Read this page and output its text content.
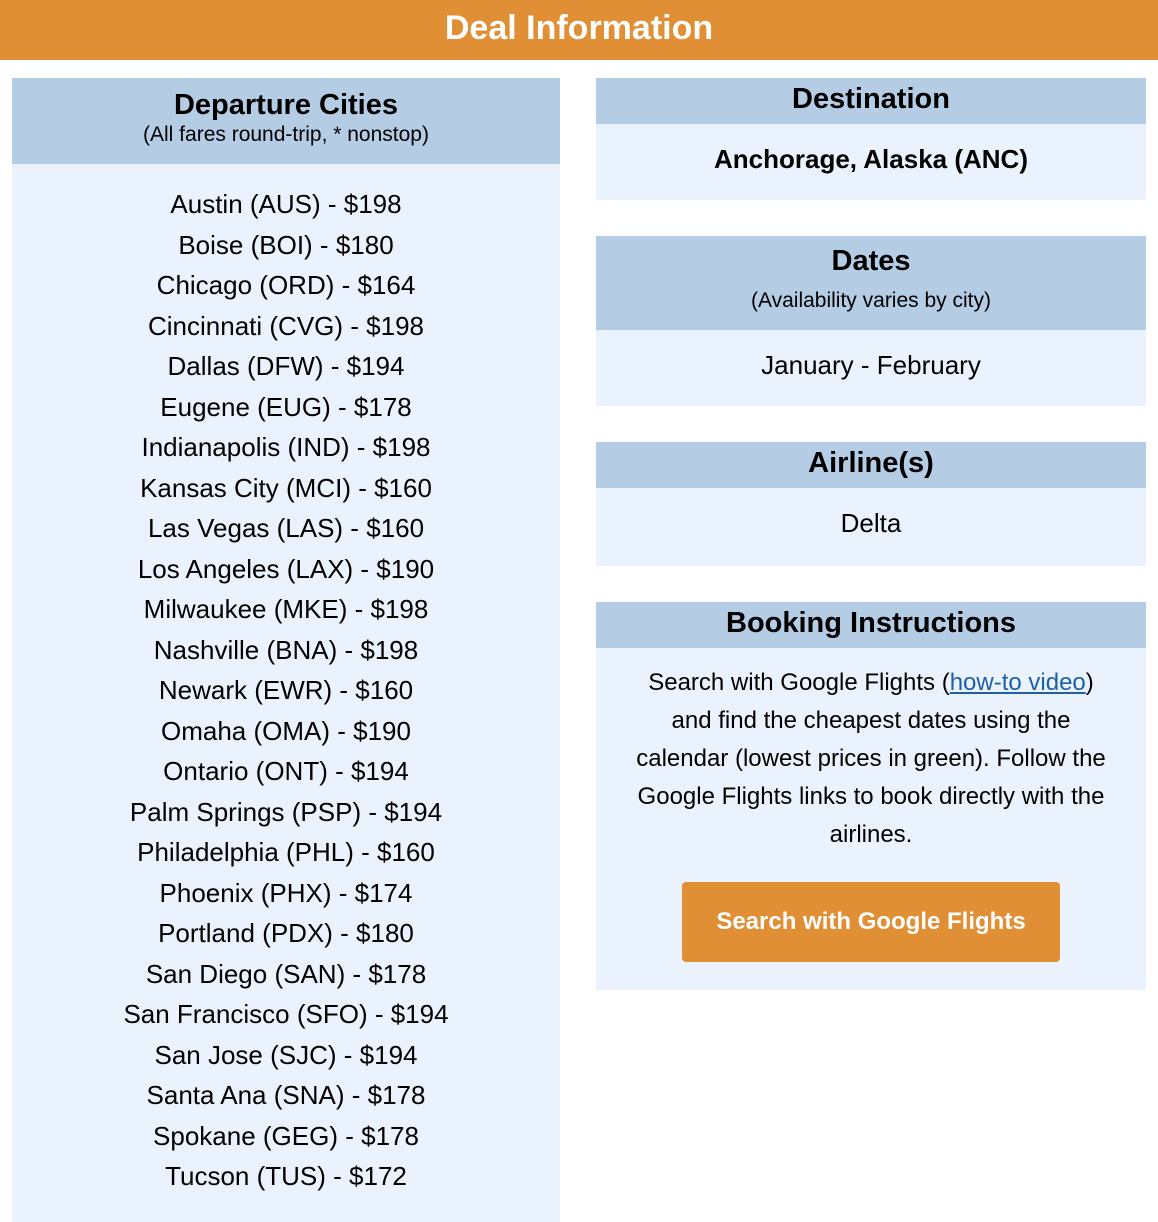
Deal Information
Departure Cities
(All fares round-trip, * nonstop)
Austin (AUS) - $198
Boise (BOI) - $180
Chicago (ORD) - $164
Cincinnati (CVG) - $198
Dallas (DFW) - $194
Eugene (EUG) - $178
Indianapolis (IND) - $198
Kansas City (MCI) - $160
Las Vegas (LAS) - $160
Los Angeles (LAX) - $190
Milwaukee (MKE) - $198
Nashville (BNA) - $198
Newark (EWR) - $160
Omaha (OMA) - $190
Ontario (ONT) - $194
Palm Springs (PSP) - $194
Philadelphia (PHL) - $160
Phoenix (PHX) - $174
Portland (PDX) - $180
San Diego (SAN) - $178
San Francisco (SFO) - $194
San Jose (SJC) - $194
Santa Ana (SNA) - $178
Spokane (GEG) - $178
Tucson (TUS) - $172
Destination
Anchorage, Alaska (ANC)
Dates
(Availability varies by city)
January - February
Airline(s)
Delta
Booking Instructions
Search with Google Flights (how-to video) and find the cheapest dates using the calendar (lowest prices in green). Follow the Google Flights links to book directly with the airlines.
Search with Google Flights
